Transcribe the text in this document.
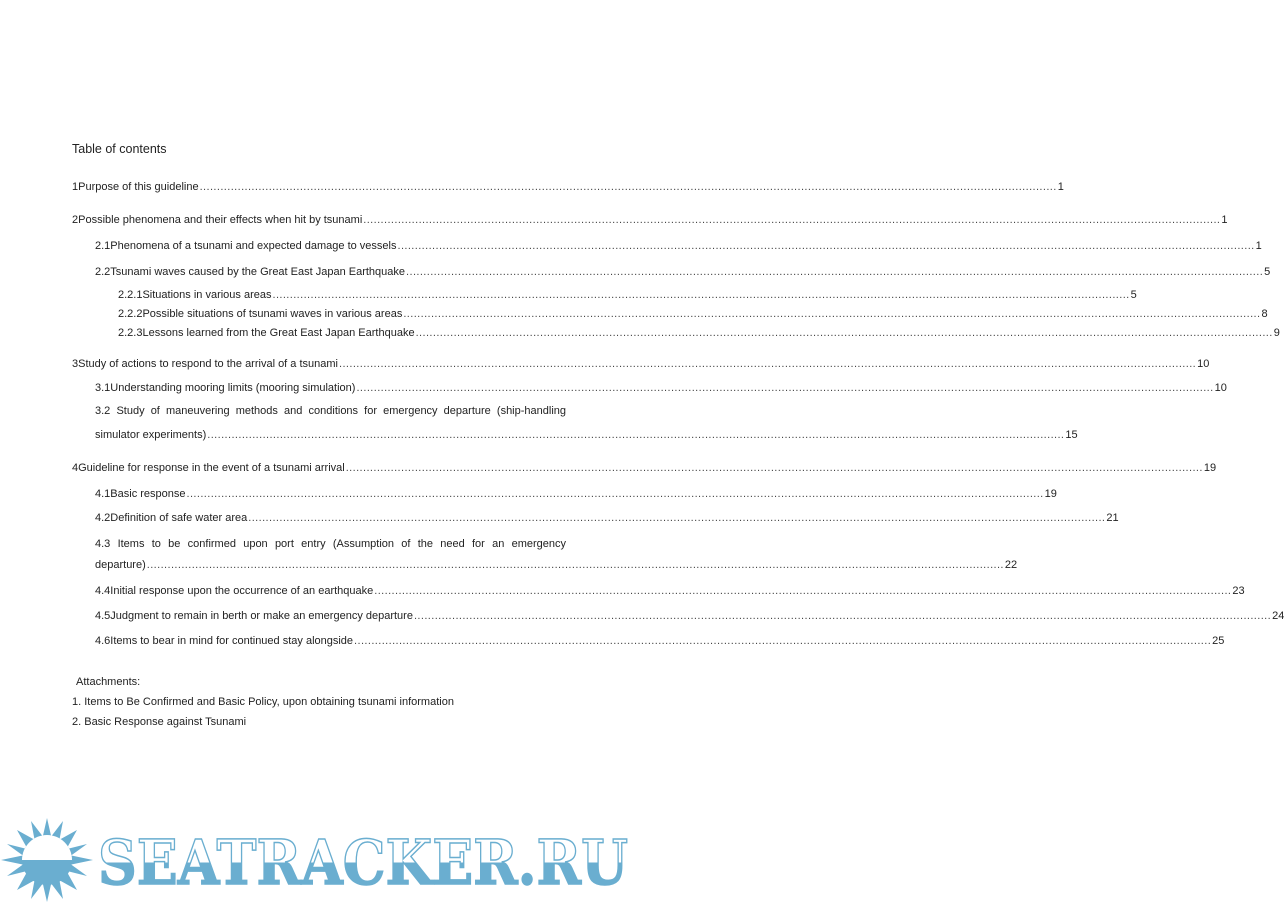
Table of contents
1 Purpose of this guideline .....	1
2 Possible phenomena and their effects when hit by tsunami .....	1
2.1 Phenomena of a tsunami and expected damage to vessels .....	1
2.2 Tsunami waves caused by the Great East Japan Earthquake .....	5
2.2.1 Situations in various areas .....	5
2.2.2 Possible situations of tsunami waves in various areas .....	8
2.2.3 Lessons learned from the Great East Japan Earthquake .....	9
3 Study of actions to respond to the arrival of a tsunami .....	10
3.1 Understanding mooring limits (mooring simulation) .....	10
3.2 Study of maneuvering methods and conditions for emergency departure (ship-handling
simulator experiments) .....	15
4 Guideline for response in the event of a tsunami arrival .....	19
4.1 Basic response .....	19
4.2 Definition of safe water area .....	21
4.3 Items to be confirmed upon port entry (Assumption of the need for an emergency
departure) .....	22
4.4 Initial response upon the occurrence of an earthquake .....	23
4.5 Judgment to remain in berth or make an emergency departure .....	24
4.6 Items to bear in mind for continued stay alongside .....	25
Attachments:
1. Items to Be Confirmed and Basic Policy, upon obtaining tsunami information
2. Basic Response against Tsunami
SEATRACKER.RU
